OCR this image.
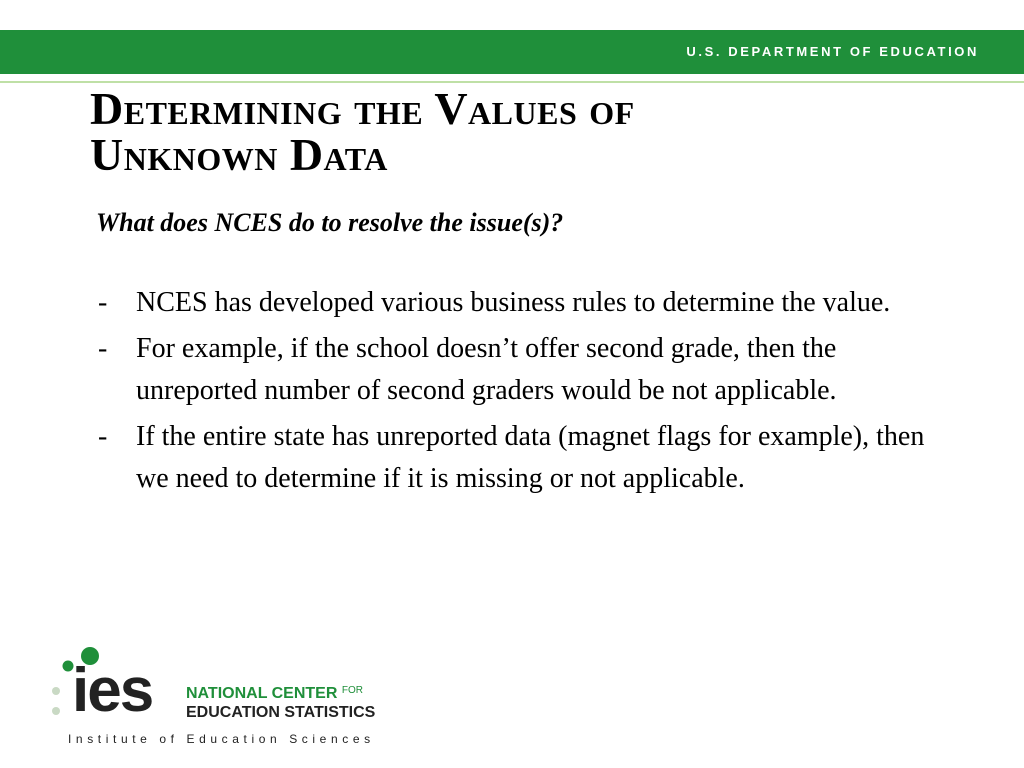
U.S. DEPARTMENT OF EDUCATION
Determining the Values of
Unknown Data
What does NCES do to resolve the issue(s)?
- NCES has developed various business rules to determine the value.
- For example, if the school doesn’t offer second grade, then the unreported number of second graders would be not applicable.
- If the entire state has unreported data (magnet flags for example), then we need to determine if it is missing or not applicable.
ies NATIONAL CENTER $^{FOR}$
EDUCATION STATISTICS
Institute of Education Sciences
